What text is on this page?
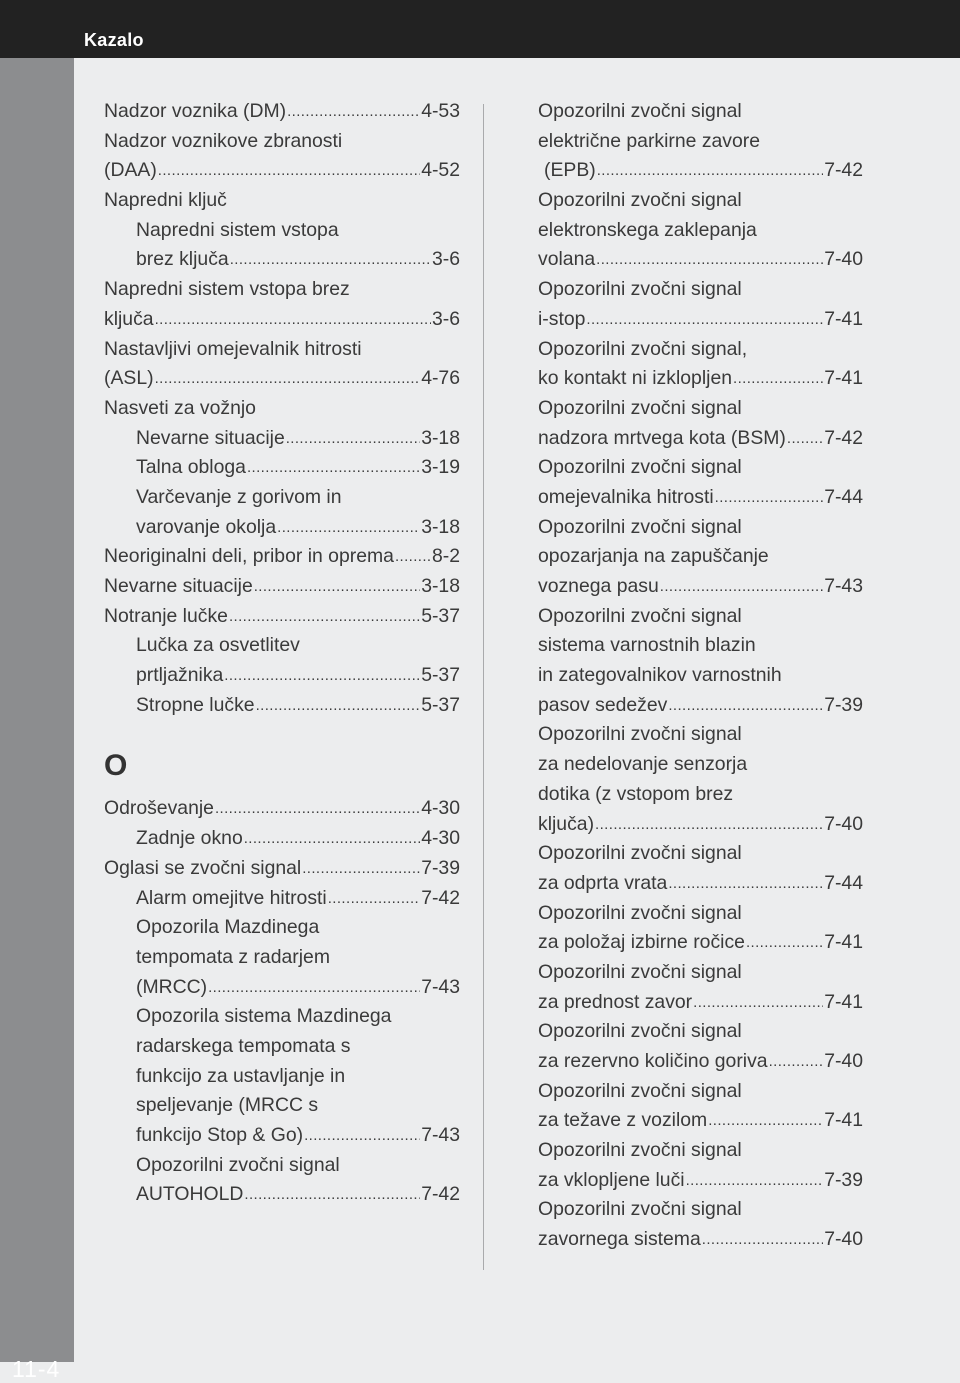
Kazalo
11-4
Nadzor voznika (DM) .....	4-53
Nadzor voznikove zbranosti
(DAA) .....	4-52
Napredni ključ
Napredni sistem vstopa
brez ključa .....	3-6
Napredni sistem vstopa brez
ključa .....	3-6
Nastavljivi omejevalnik hitrosti
(ASL) .....	4-76
Nasveti za vožnjo
Nevarne situacije .....	3-18
Talna obloga .....	3-19
Varčevanje z gorivom in
varovanje okolja .....	3-18
Neoriginalni deli, pribor in oprema ..... 8-2
Nevarne situacije .....	3-18
Notranje lučke .....	5-37
Lučka za osvetlitev
prtljažnika .....	5-37
Stropne lučke .....	5-37
O
Odroševanje .....	4-30
Zadnje okno .....	4-30
Oglasi se zvočni signal .....	7-39
Alarm omejitve hitrosti .....	7-42
Opozorila Mazdinega
tempomata z radarjem
(MRCC) .....	7-43
Opozorila sistema Mazdinega
radarskega tempomata s
funkcijo za ustavljanje in
speljevanje (MRCC s
funkcijo Stop & Go) .....	7-43
Opozorilni zvočni signal
AUTOHOLD .....	7-42
Opozorilni zvočni signal
električne parkirne zavore
(EPB) .....	7-42
Opozorilni zvočni signal
elektronskega zaklepanja
volana .....	7-40
Opozorilni zvočni signal
i-stop .....	7-41
Opozorilni zvočni signal,
ko kontakt ni izklopljen .....	7-41
Opozorilni zvočni signal
nadzora mrtvega kota (BSM) ..... 7-42
Opozorilni zvočni signal
omejevalnika hitrosti .....	7-44
Opozorilni zvočni signal
opozarjanja na zapuščanje
voznega pasu .....	7-43
Opozorilni zvočni signal
sistema varnostnih blazin
in zategovalnikov varnostnih
pasov sedežev .....	7-39
Opozorilni zvočni signal
za nedelovanje senzorja
dotika (z vstopom brez
ključa) .....	7-40
Opozorilni zvočni signal
za odprta vrata .....	7-44
Opozorilni zvočni signal
za položaj izbirne ročice .....	7-41
Opozorilni zvočni signal
za prednost zavor .....	7-41
Opozorilni zvočni signal
za rezervno količino goriva .....	7-40
Opozorilni zvočni signal
za težave z vozilom .....	7-41
Opozorilni zvočni signal
za vklopljene luči .....	7-39
Opozorilni zvočni signal
zavornega sistema .....	7-40
